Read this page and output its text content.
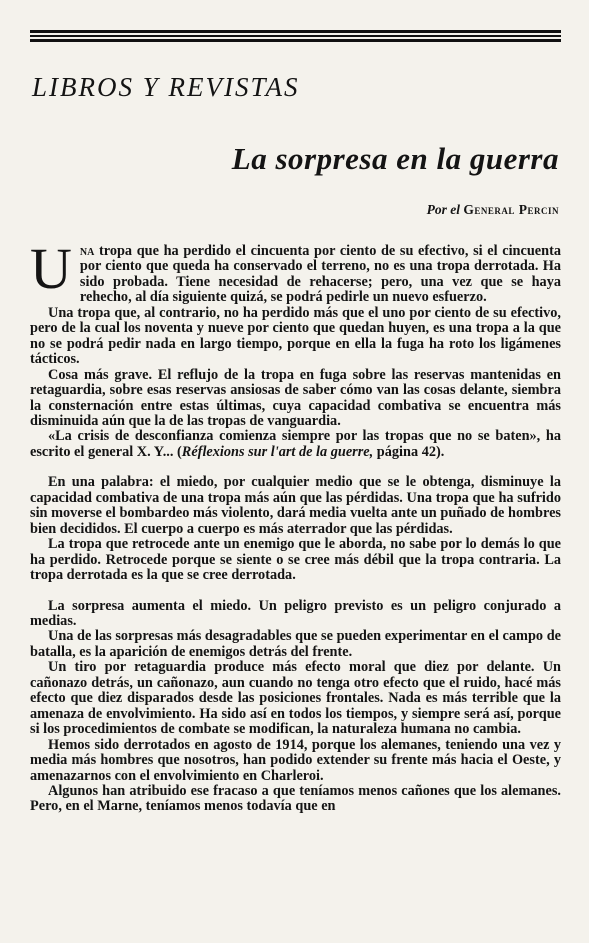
LIBROS Y REVISTAS
La sorpresa en la guerra

Por el General Percin

Una tropa que ha perdido el cincuenta por ciento de su efectivo, si el cincuenta por ciento que queda ha conservado el terreno, no es una tropa derrotada. Ha sido probada. Tiene necesidad de rehacerse; pero, una vez que se haya rehecho, al día siguiente quizá, se podrá pedirle un nuevo esfuerzo.

Una tropa que, al contrario, no ha perdido más que el uno por ciento de su efectivo, pero de la cual los noventa y nueve por ciento que quedan huyen, es una tropa a la que no se podrá pedir nada en largo tiempo, porque en ella la fuga ha roto los ligámenes tácticos.

Cosa más grave. El reflujo de la tropa en fuga sobre las reservas mantenidas en retaguardia, sobre esas reservas ansiosas de saber cómo van las cosas delante, siembra la consternación entre estas últimas, cuya capacidad combativa se encuentra más disminuida aún que la de las tropas de vanguardia.

«La crisis de desconfianza comienza siempre por las tropas que no se baten», ha escrito el general X. Y... (Réflexions sur l'art de la guerre, página 42).

En una palabra: el miedo, por cualquier medio que se le obtenga, disminuye la capacidad combativa de una tropa más aún que las pérdidas. Una tropa que ha sufrido sin moverse el bombardeo más violento, dará media vuelta ante un puñado de hombres bien decididos. El cuerpo a cuerpo es más aterrador que las pérdidas.

La tropa que retrocede ante un enemigo que le aborda, no sabe por lo demás lo que ha perdido. Retrocede porque se siente o se cree más débil que la tropa contraria. La tropa derrotada es la que se cree derrotada.

La sorpresa aumenta el miedo. Un peligro previsto es un peligro conjurado a medias.

Una de las sorpresas más desagradables que se pueden experimentar en el campo de batalla, es la aparición de enemigos detrás del frente.

Un tiro por retaguardia produce más efecto moral que diez por delante. Un cañonazo detrás, un cañonazo, aun cuando no tenga otro efecto que el ruido, hacé más efecto que diez disparados desde las posiciones frontales. Nada es más terrible que la amenaza de envolvimiento. Ha sido así en todos los tiempos, y siempre será así, porque si los procedimientos de combate se modifican, la naturaleza humana no cambia.

Hemos sido derrotados en agosto de 1914, porque los alemanes, teniendo una vez y media más hombres que nosotros, han podido extender su frente más hacia el Oeste, y amenazarnos con el envolvimiento en Charleroi.

Algunos han atribuido ese fracaso a que teníamos menos cañones que los alemanes. Pero, en el Marne, teníamos menos todavía que en
